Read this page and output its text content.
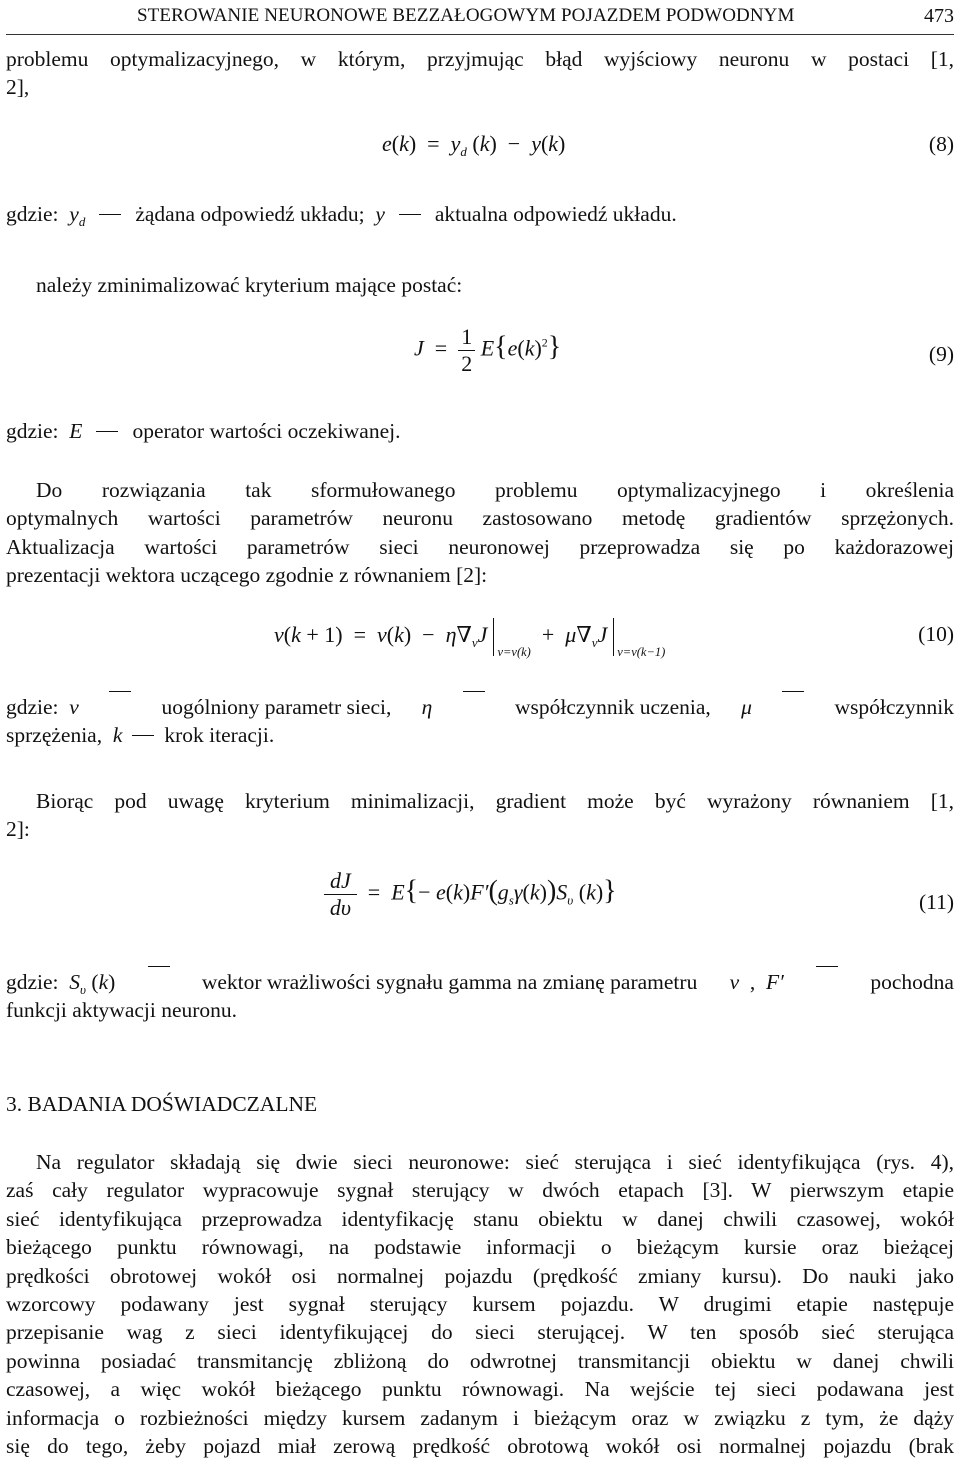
STEROWANIE NEURONOWE BEZZAŁOGOWYM POJAZDEM PODWODNYM	473
problemu optymalizacyjnego, w którym, przyjmując błąd wyjściowy neuronu w postaci [1,
2],
$e(k) = y_d$ (k)  −  y(k)	(8)
gdzie: $y_d$ żądana odpowiedź układu; y aktualna odpowiedź układu.
należy zminimalizować kryterium mające postać:
$J = \frac{1}{2} E\{e(k)^2\}$	(9)
gdzie: E operator wartości oczekiwanej.
Do rozwiązania tak sformułowanego problemu optymalizacyjnego i określenia
optymalnych wartości parametrów neuronu zastosowano metodę gradientów sprzężonych.
Aktualizacja wartości parametrów sieci neuronowej przeprowadza się po każdorazowej
prezentacji wektora uczącego zgodnie z równaniem [2]:
$v(k + 1) = v(k) - \eta\nabla_vJ_{v=v(k)} + \mu\nabla_vJ_{v=v(k-1)}$
(10)
gdzie: v	uogólniony parametr sieci, η	współczynnik uczenia, μ	współczynnik
sprzężenia, k krok iteracji.
Biorąc pod uwagę kryterium minimalizacji, gradient może być wyrażony równaniem [1,
2]:
$\frac{dJ}{d\upsilon} = E\{- e(k)F'(g_s\gamma(k))S_\upsilon$ (k)}	(11)
gdzie: $S_\upsilon$ (k)	wektor wrażliwości sygnału gamma na zmianę parametru v  ,  F′	pochodna
funkcji aktywacji neuronu.
3. BADANIA DOŚWIADCZALNE
Na regulator składają się dwie sieci neuronowe: sieć sterująca i sieć identyfikująca (rys. 4),
zaś cały regulator wypracowuje sygnał sterujący w dwóch etapach [3]. W pierwszym etapie
sieć identyfikująca przeprowadza identyfikację stanu obiektu w danej chwili czasowej, wokół
bieżącego punktu równowagi, na podstawie informacji o bieżącym kursie oraz bieżącej
prędkości obrotowej wokół osi normalnej pojazdu (prędkość zmiany kursu). Do nauki jako
wzorcowy podawany jest sygnał sterujący kursem pojazdu. W drugimi etapie następuje
przepisanie wag z sieci identyfikującej do sieci sterującej. W ten sposób sieć sterująca
powinna posiadać transmitancję zbliżoną do odwrotnej transmitancji obiektu w danej chwili
czasowej, a więc wokół bieżącego punktu równowagi. Na wejście tej sieci podawana jest
informacja o rozbieżności między kursem zadanym i bieżącym oraz w związku z tym, że dąży
się do tego, żeby pojazd miał zerową prędkość obrotową wokół osi normalnej pojazdu (brak
